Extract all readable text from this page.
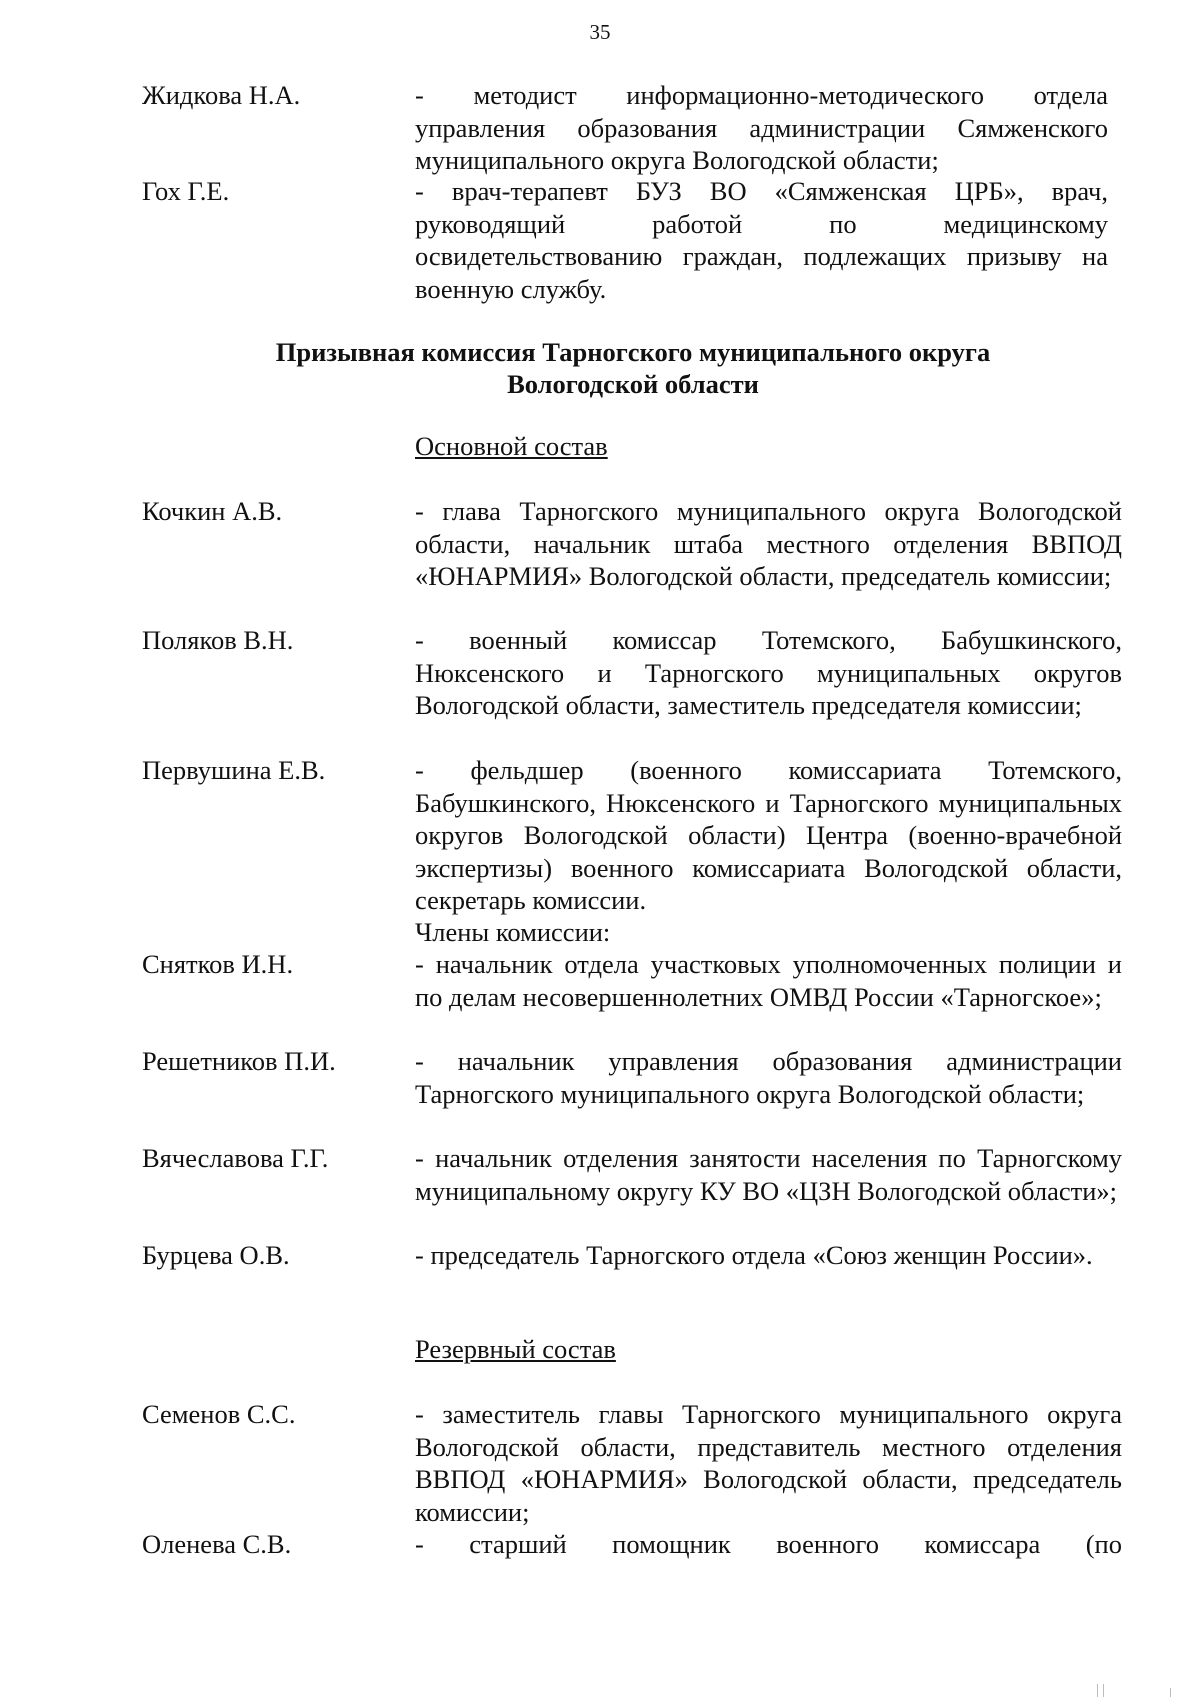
35
Жидкова Н.А.	- методист информационно-методического отдела управления образования администрации Сямженского муниципального округа Вологодской области;
Гох Г.Е.	- врач-терапевт БУЗ ВО «Сямженская ЦРБ», врач, руководящий работой по медицинскому освидетельствованию граждан, подлежащих призыву на военную службу.
Призывная комиссия Тарногского муниципального округа
Вологодской области
Основной состав
Кочкин А.В.	- глава Тарногского муниципального округа Вологодской области, начальник штаба местного отделения ВВПОД «ЮНАРМИЯ» Вологодской области, председатель комиссии;
Поляков В.Н.	- военный комиссар Тотемского, Бабушкинского, Нюксенского и Тарногского муниципальных округов Вологодской области, заместитель председателя комиссии;
Первушина Е.В.	- фельдшер (военного комиссариата Тотемского, Бабушкинского, Нюксенского и Тарногского муниципальных округов Вологодской области) Центра (военно-врачебной экспертизы) военного комиссариата Вологодской области, секретарь комиссии.
Члены комиссии:
Снятков И.Н.	- начальник отдела участковых уполномоченных полиции и по делам несовершеннолетних ОМВД России «Тарногское»;
Решетников П.И.	- начальник управления образования администрации Тарногского муниципального округа Вологодской области;
Вячеславова Г.Г.	- начальник отделения занятости населения по Тарногскому муниципальному округу КУ ВО «ЦЗН Вологодской области»;
Бурцева О.В.	- председатель Тарногского отдела «Союз женщин России».
Резервный состав
Семенов С.С.	- заместитель главы Тарногского муниципального округа Вологодской области, представитель местного отделения ВВПОД «ЮНАРМИЯ» Вологодской области, председатель комиссии;
Оленева С.В.	- старший помощник военного комиссара (по
